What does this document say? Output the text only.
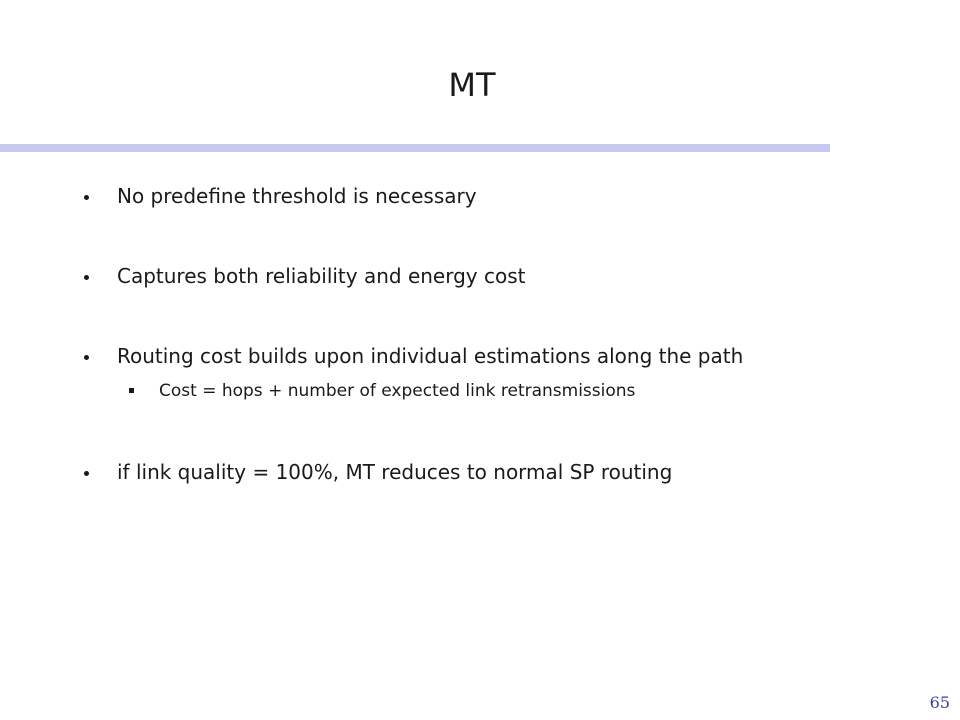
MT
No predefine threshold is necessary
Captures both reliability and energy cost
Routing cost builds upon individual estimations along the path
Cost = hops + number of expected link retransmissions
if link quality = 100%, MT reduces to normal SP routing
65
